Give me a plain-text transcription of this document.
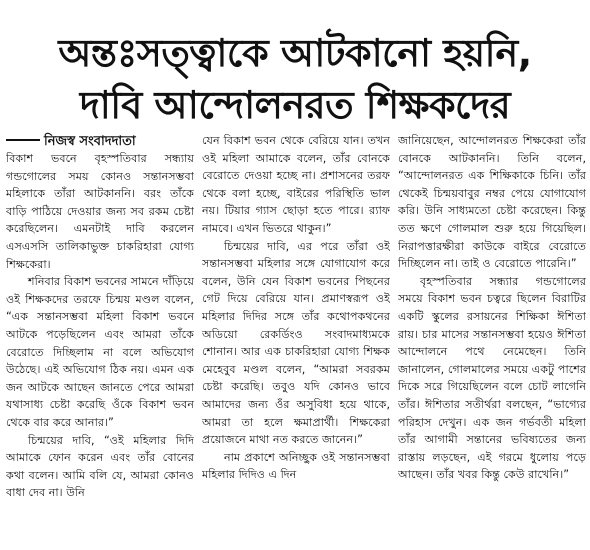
অন্তঃসত্ত্বাকে আটকানো হয়নি,
দাবি আন্দোলনরত শিক্ষকদের
নিজস্ব সংবাদদাতা

বিকাশ ভবনে বৃহস্পতিবার সন্ধ্যায় গন্ডগোলের সময় কোনও সন্তানসম্ভবা মহিলাকে তাঁরা আটকাননি। বরং তাঁকে বাড়ি পাঠিয়ে দেওয়ার জন্য সব রকম চেষ্টা করেছিলেন। এমনটাই দাবি করলেন এসএসসি তালিকাভুক্ত চাকরিহারা যোগ্য শিক্ষকেরা।

শনিবার বিকাশ ভবনের সামনে দাঁড়িয়ে ওই শিক্ষকদের তরফে চিন্ময় মণ্ডল বলেন, “এক সন্তানসম্ভবা মহিলা বিকাশ ভবনে আটকে পড়েছিলেন এবং আমরা তাঁকে বেরোতে দিচ্ছিলাম না বলে অভিযোগ উঠেছে। এই অভিযোগ ঠিক নয়। এমন এক জন আটকে আছেন জানতে পেরে আমরা যথাসাধ্য চেষ্টা করেছি ওঁকে বিকাশ ভবন থেকে বার করে আনার।”

চিন্ময়ের দাবি, “ওই মহিলার দিদি আমাকে ফোন করেন এবং তাঁর বোনের কথা বলেন। আমি বলি যে, আমরা কোনও বাধা দেব না। উনি

যেন বিকাশ ভবন থেকে বেরিয়ে যান। তখন ওই মহিলা আমাকে বলেন, তাঁর বোনকে বেরোতে দেওয়া হচ্ছে না। প্রশাসনের তরফ থেকে বলা হচ্ছে, বাইরের পরিস্থিতি ভাল নয়। টিয়ার গ্যাস ছোড়া হতে পারে। র‌্যাফ নামবে। এখন ভিতরে থাকুন।”

চিন্ময়ের দাবি, এর পরে তাঁরা ওই সন্তানসম্ভবা মহিলার সঙ্গে যোগাযোগ করে বলেন, উনি যেন বিকাশ ভবনের পিছনের গেট দিয়ে বেরিয়ে যান। প্রমাণস্বরূপ ওই মহিলার দিদির সঙ্গে তাঁর কথোপকথনের অডিয়ো রেকর্ডিংও সংবাদমাধ্যমকে শোনান। আর এক চাকরিহারা যোগ্য শিক্ষক মেহেবুব মণ্ডল বলেন, “আমরা সবরকম চেষ্টা করেছি। তবুও যদি কোনও ভাবে আমাদের জন্য ওঁর অসুবিধা হয়ে থাকে, আমরা তা হলে ক্ষমাপ্রার্থী। শিক্ষকেরা প্রয়োজনে মাথা নত করতে জানেন।”

নাম প্রকাশে অনিচ্ছুক ওই সন্তানসম্ভবা মহিলার দিদিও এ দিন

জানিয়েছেন, আন্দোলনরত শিক্ষকেরা তাঁর বোনকে আটকাননি। তিনি বলেন, “আন্দোলনরত এক শিক্ষিকাকে চিনি। তাঁর থেকেই চিন্ময়বাবুর নম্বর পেয়ে যোগাযোগ করি। উনি সাধ্যমতো চেষ্টা করেছেন। কিন্তু তত ক্ষণে গোলমাল শুরু হয়ে গিয়েছিল। নিরাপত্তারক্ষীরা কাউকে বাইরে বেরোতে দিচ্ছিলেন না। তাই ও বেরোতে পারেনি।”

বৃহস্পতিবার সন্ধ্যার গন্ডগোলের সময়ে বিকাশ ভবন চত্বরে ছিলেন বিরাটির একটি স্কুলের রসায়নের শিক্ষিকা ঈশিতা রায়। চার মাসের সন্তানসম্ভবা হয়েও ঈশিতা আন্দোলনে পথে নেমেছেন। তিনি জানালেন, গোলমালের সময়ে একটু পাশের দিকে সরে গিয়েছিলেন বলে চোট লাগেনি তাঁর। ঈশিতার সতীর্থরা বলছেন, “ভাগ্যের পরিহাস দেখুন। এক জন গর্ভবতী মহিলা তাঁর আগামী সন্তানের ভবিষ্যতের জন্য রাস্তায় লড়ছেন, এই গরমে ধুলোয় পড়ে আছেন। তাঁর খবর কিন্তু কেউ রাখেনি।”
